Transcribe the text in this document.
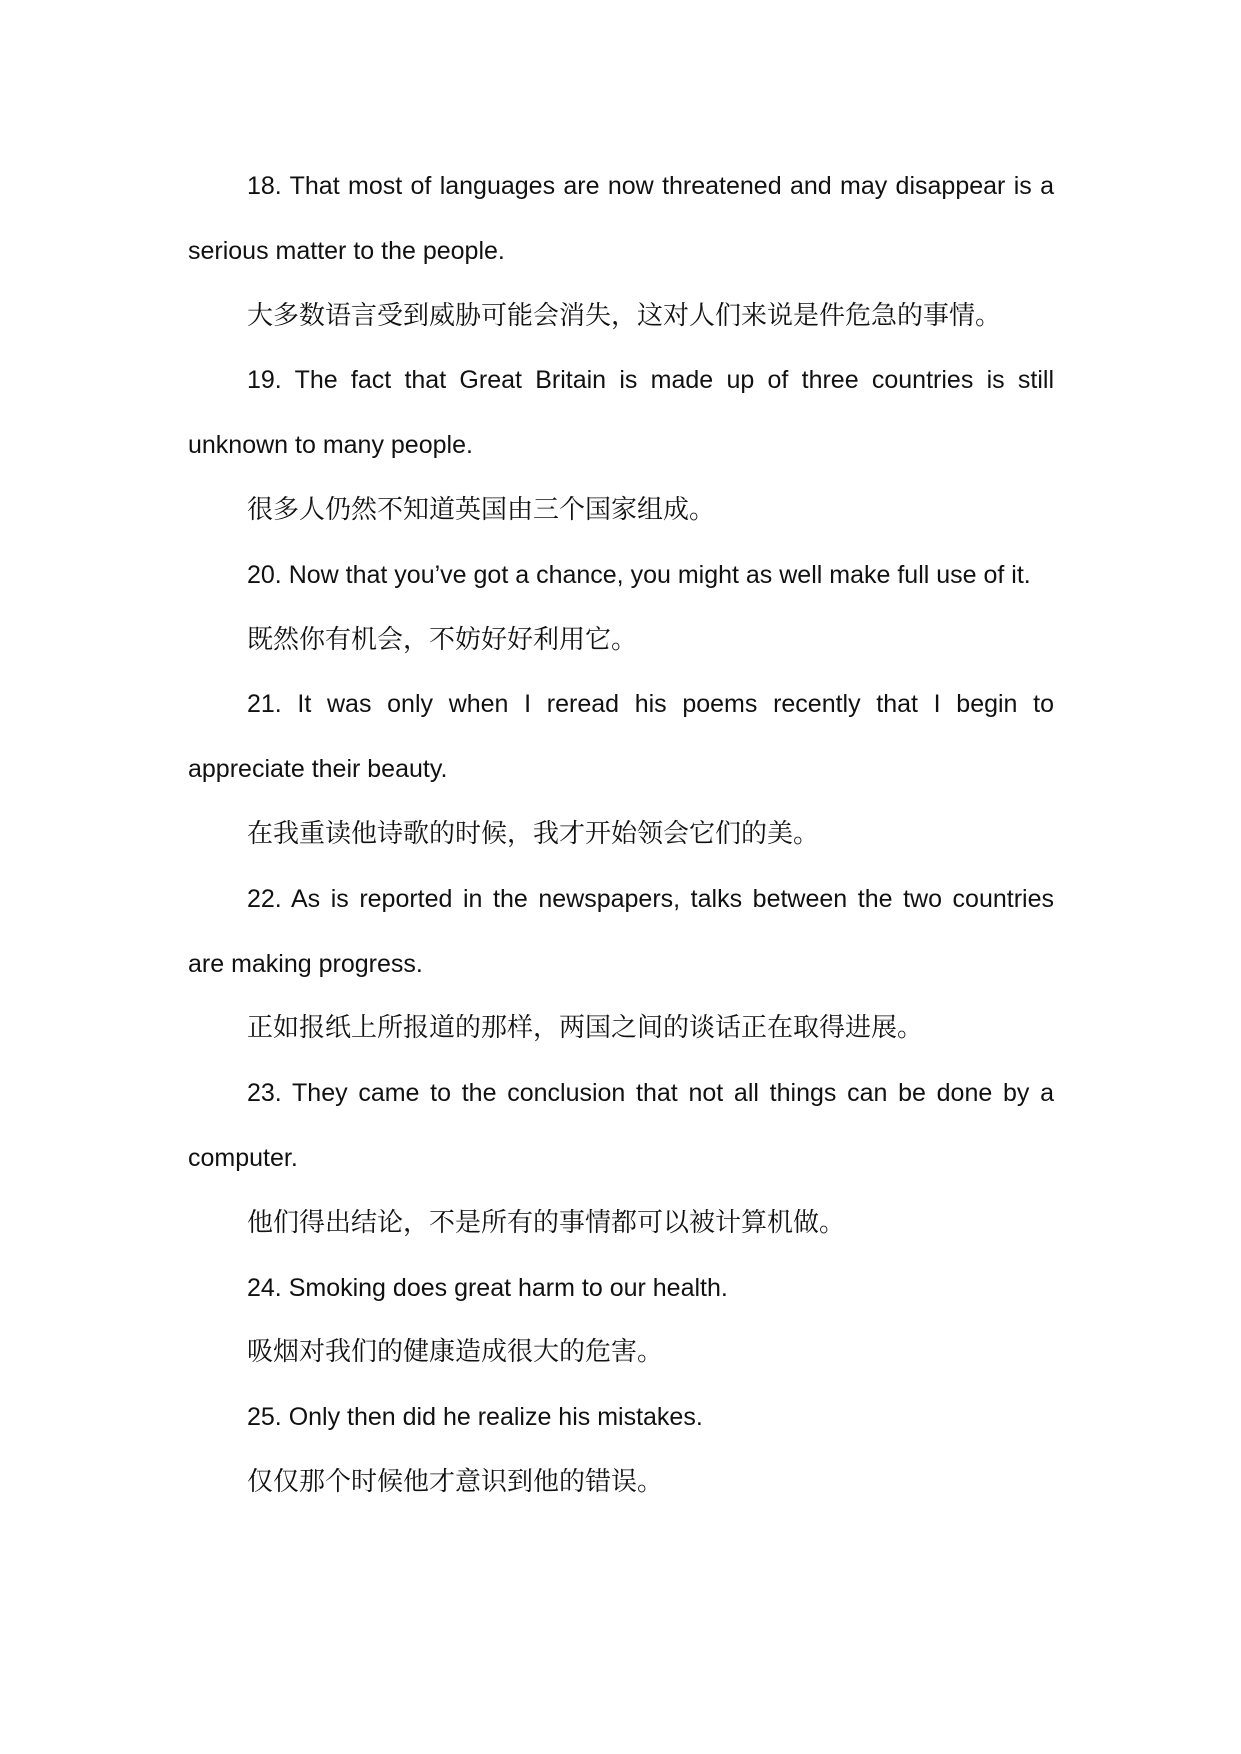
18. That most of languages are now threatened and may disappear is a serious matter to the people.

大多数语言受到威胁可能会消失，这对人们来说是件危急的事情。

19. The fact that Great Britain is made up of three countries is still unknown to many people.

很多人仍然不知道英国由三个国家组成。

20. Now that you’ve got a chance, you might as well make full use of it.

既然你有机会，不妨好好利用它。

21. It was only when I reread his poems recently that I begin to appreciate their beauty.

在我重读他诗歌的时候，我才开始领会它们的美。

22. As is reported in the newspapers, talks between the two countries are making progress.

正如报纸上所报道的那样，两国之间的谈话正在取得进展。

23. They came to the conclusion that not all things can be done by a computer.

他们得出结论，不是所有的事情都可以被计算机做。

24. Smoking does great harm to our health.

吸烟对我们的健康造成很大的危害。

25. Only then did he realize his mistakes.

仅仅那个时候他才意识到他的错误。
